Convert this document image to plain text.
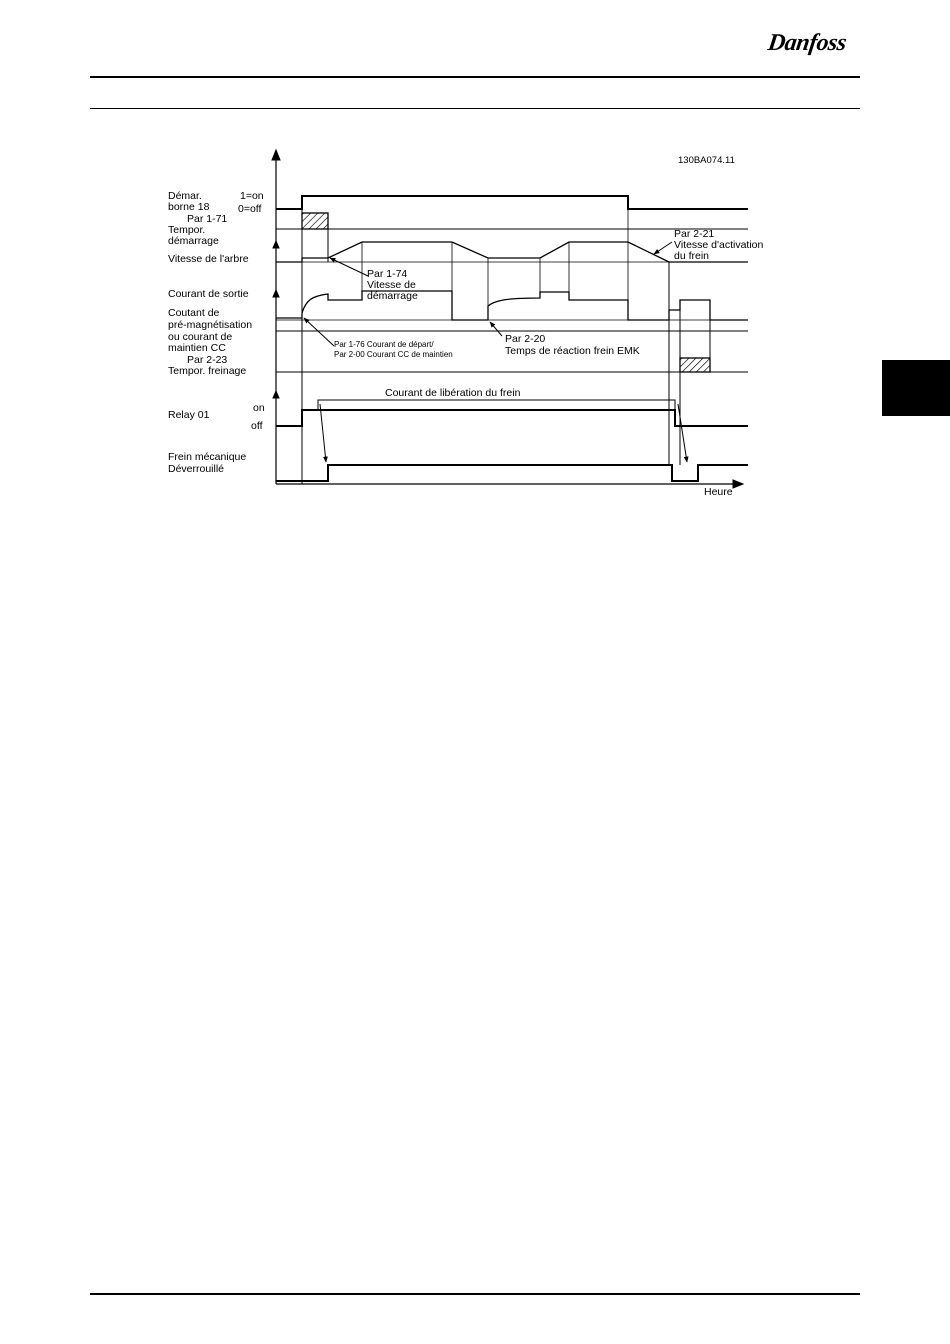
Danfoss
130BA074.11
Démar.
borne 18
1=on
0=off
Par 1-71
Tempor.
démarrage
Vitesse de l'arbre
Courant de sortie
Coutant de
pré-magnétisation
ou courant de
maintien CC
Par 2-23
Tempor. freinage
on
Relay 01
off
Frein mécanique
Déverrouillé
Par 1-74
Vitesse de
démarrage
Par 2-21
Vitesse d'activation
du frein
Par 1-76 Courant de départ/
Par 2-00 Courant CC de maintien
Par 2-20
Temps de réaction frein EMK
Courant de libération du frein
Heure
